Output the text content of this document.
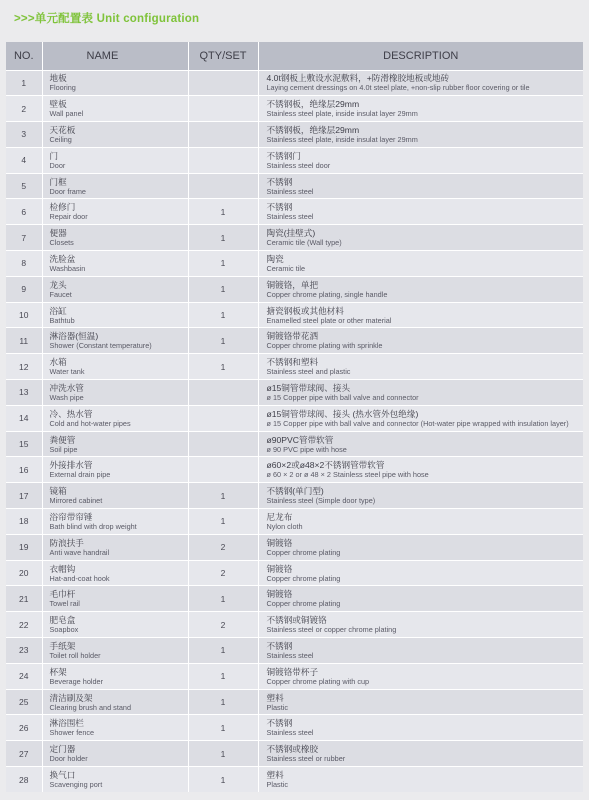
>>>单元配置表 Unit configuration
NO.	NAME	QTY/SET	DESCRIPTION
1	地板
Flooring		4.0t钢板上敷设水泥敷料，+防滑橡胶地板或地砖
Laying cement dressings on 4.0t steel plate, +non-slip rubber floor covering or tile

2	壁板
Wall panel		不锈钢板，绝缘层29mm
Stainless steel plate, inside insulat layer 29mm

3	天花板
Ceiling		不锈钢板，绝缘层29mm
Stainless steel plate, inside insulat layer 29mm

4	门
Door		不锈钢门
Stainless steel door

5	门框
Door frame		不锈钢
Stainless steel

6	检修门
Repair door	1	不锈钢
Stainless steel

7	便器
Closets	1	陶瓷(挂壁式)
Ceramic tile (Wall type)

8	洗脸盆
Washbasin	1	陶瓷
Ceramic tile

9	龙头
Faucet	1	铜镀铬，单把
Copper chrome plating, single handle

10	浴缸
Bathtub	1	搪瓷钢板或其他材料
Enamelled steel plate or other material

11	淋浴器(恒温)
Shower (Constant temperature)	1	铜镀铬带花洒
Copper chrome plating with sprinkle

12	水箱
Water tank	1	不锈钢和塑料
Stainless steel and plastic

13	冲洗水管
Wash pipe		ø15铜管带球阀、接头
ø 15 Copper pipe with ball valve and connector

14	冷、热水管
Cold and hot-water pipes		ø15铜管带球阀、接头 (热水管外包绝缘)
ø 15 Copper pipe with ball valve and connector (Hot-water pipe wrapped with insulation layer)

15	粪便管
Soil pipe		ø90PVC管带软管
ø 90 PVC pipe with hose

16	外接排水管
External drain pipe		ø60×2或ø48×2不锈钢管带软管
ø 60 × 2 or ø 48 × 2 Stainless steel pipe with hose

17	镜箱
Mirrored cabinet	1	不锈钢(单门型)
Stainless steel (Simple door type)

18	浴帘带帘锤
Bath blind with drop weight	1	尼龙布
Nylon cloth

19	防浪扶手
Anti wave handrail	2	铜镀铬
Copper chrome plating

20	衣帽钩
Hat-and-coat hook	2	铜镀铬
Copper chrome plating

21	毛巾杆
Towel rail	1	铜镀铬
Copper chrome plating

22	肥皂盒
Soapbox	2	不锈钢或铜镀铬
Stainless steel or copper chrome plating

23	手纸架
Toilet roll holder	1	不锈钢
Stainless steel

24	杯架
Beverage holder	1	铜镀铬带杯子
Copper chrome plating with cup

25	清洁刷及架
Clearing brush and stand	1	塑料
Plastic

26	淋浴围栏
Shower fence	1	不锈钢
Stainless steel

27	定门器
Door holder	1	不锈钢或橡胶
Stainless steel or rubber

28	换气口
Scavenging port	1	塑料
Plastic
